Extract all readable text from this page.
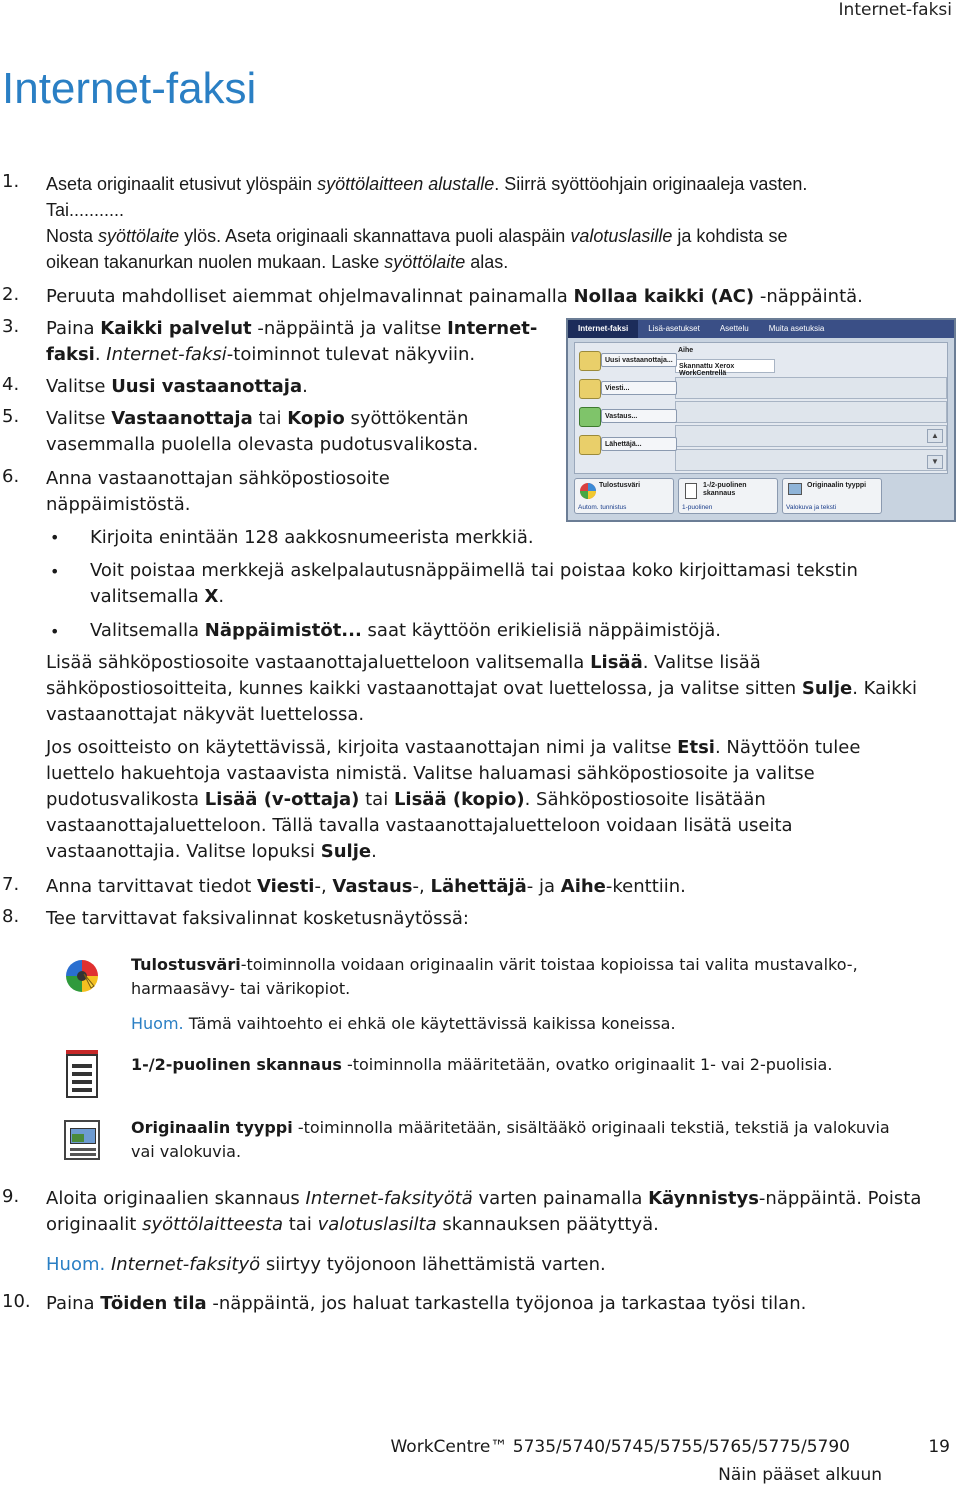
Internet-faksi
Internet-faksi
1. Aseta originaalit etusivut ylöspäin syöttölaitteen alustalle. Siirrä syöttöohjain originaaleja vasten.
Tai...........
Nosta syöttölaite ylös. Aseta originaali skannattava puoli alaspäin valotuslasille ja kohdista se
oikean takanurkan nuolen mukaan. Laske syöttölaite alas.
2. Peruuta mahdolliset aiemmat ohjelmavalinnat painamalla Nollaa kaikki (AC) -näppäintä.
3. Paina Kaikki palvelut -näppäintä ja valitse Internet-
faksi. Internet-faksi-toiminnot tulevat näkyviin.
4. Valitse Uusi vastaanottaja.
5. Valitse Vastaanottaja tai Kopio syöttökentän
vasemmalla puolella olevasta pudotusvalikosta.
6. Anna vastaanottajan sähköpostiosoite
näppäimistöstä.
Internet-faksi	Lisä-asetukset	Asettelu	Muita asetuksia
Aihe
Skannattu Xerox WorkCentrellä
▲
▼
Uusi vastaanottaja...
Viesti...
Vastaus...
Lähettäjä...
Tulostusväri
Autom. tunnistus
1-/2-puolinen skannaus
1-puolinen
Originaalin tyyppi
Valokuva ja teksti
• Kirjoita enintään 128 aakkosnumeerista merkkiä.
• Voit poistaa merkkejä askelpalautusnäppäimellä tai poistaa koko kirjoittamasi tekstin
valitsemalla X.
• Valitsemalla Näppäimistöt... saat käyttöön erikielisiä näppäimistöjä.
Lisää sähköpostiosoite vastaanottajaluetteloon valitsemalla Lisää. Valitse lisää
sähköpostiosoitteita, kunnes kaikki vastaanottajat ovat luettelossa, ja valitse sitten Sulje. Kaikki
vastaanottajat näkyvät luettelossa.
Jos osoitteisto on käytettävissä, kirjoita vastaanottajan nimi ja valitse Etsi. Näyttöön tulee
luettelo hakuehtoja vastaavista nimistä. Valitse haluamasi sähköpostiosoite ja valitse
pudotusvalikosta Lisää (v-ottaja) tai Lisää (kopio). Sähköpostiosoite lisätään
vastaanottajaluetteloon. Tällä tavalla vastaanottajaluetteloon voidaan lisätä useita
vastaanottajia. Valitse lopuksi Sulje.
7. Anna tarvittavat tiedot Viesti-, Vastaus-, Lähettäjä- ja Aihe-kenttiin.
8. Tee tarvittavat faksivalinnat kosketusnäytössä:
Tulostusväri-toiminnolla voidaan originaalin värit toistaa kopioissa tai valita mustavalko-,
harmaasävy- tai värikopiot.
Huom. Tämä vaihtoehto ei ehkä ole käytettävissä kaikissa koneissa.
1-/2-puolinen skannaus -toiminnolla määritetään, ovatko originaalit 1- vai 2-puolisia.
Originaalin tyyppi -toiminnolla määritetään, sisältääkö originaali tekstiä, tekstiä ja valokuvia
vai valokuvia.
9. Aloita originaalien skannaus Internet-faksityötä varten painamalla Käynnistys-näppäintä. Poista
originaalit syöttölaitteesta tai valotuslasilta skannauksen päätyttyä.
Huom. Internet-faksityö siirtyy työjonoon lähettämistä varten.
10. Paina Töiden tila -näppäintä, jos haluat tarkastella työjonoa ja tarkastaa työsi tilan.
WorkCentre™ 5735/5740/5745/5755/5765/5775/5790	19
Näin pääset alkuun
